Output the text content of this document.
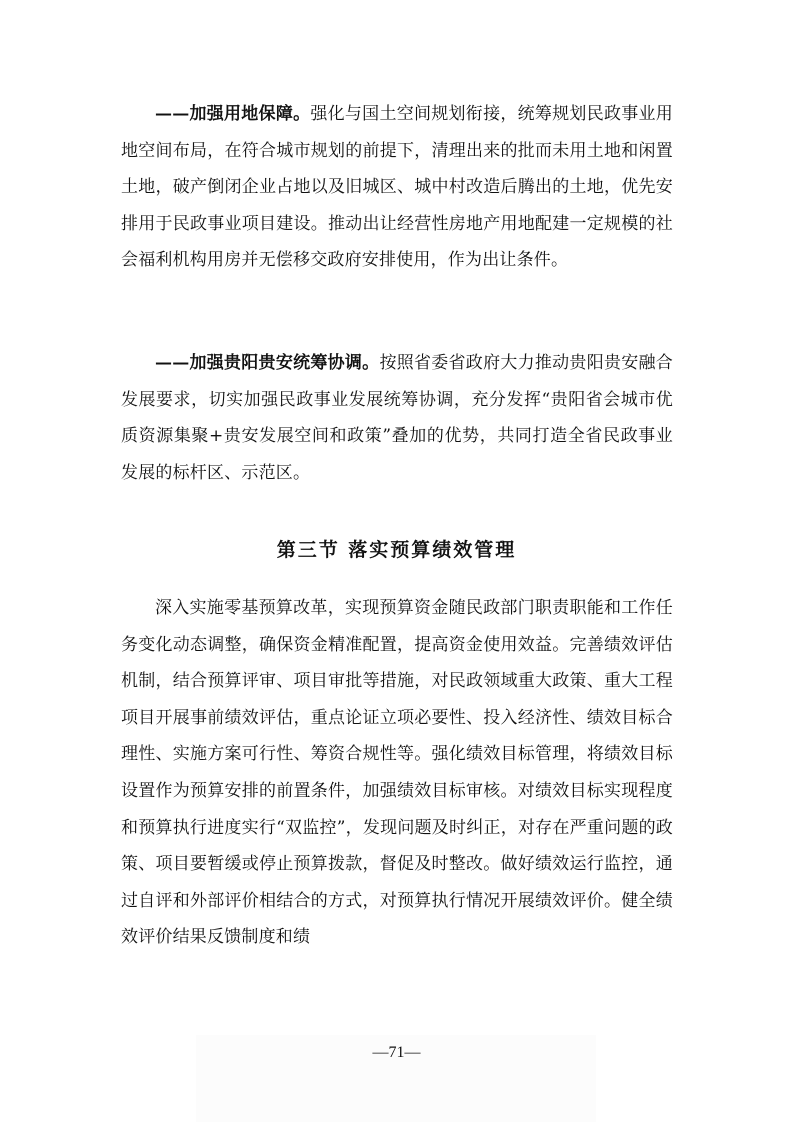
——加强用地保障。强化与国土空间规划衔接，统筹规划民政事业用地空间布局，在符合城市规划的前提下，清理出来的批而未用土地和闲置土地，破产倒闭企业占地以及旧城区、城中村改造后腾出的土地，优先安排用于民政事业项目建设。推动出让经营性房地产用地配建一定规模的社会福利机构用房并无偿移交政府安排使用，作为出让条件。

——加强贵阳贵安统筹协调。按照省委省政府大力推动贵阳贵安融合发展要求，切实加强民政事业发展统筹协调，充分发挥“贵阳省会城市优质资源集聚+贵安发展空间和政策”叠加的优势，共同打造全省民政事业发展的标杆区、示范区。

第三节 落实预算绩效管理

深入实施零基预算改革，实现预算资金随民政部门职责职能和工作任务变化动态调整，确保资金精准配置，提高资金使用效益。完善绩效评估机制，结合预算评审、项目审批等措施，对民政领域重大政策、重大工程项目开展事前绩效评估，重点论证立项必要性、投入经济性、绩效目标合理性、实施方案可行性、筹资合规性等。强化绩效目标管理，将绩效目标设置作为预算安排的前置条件，加强绩效目标审核。对绩效目标实现程度和预算执行进度实行“双监控”，发现问题及时纠正，对存在严重问题的政策、项目要暂缓或停止预算拨款，督促及时整改。做好绩效运行监控，通过自评和外部评价相结合的方式，对预算执行情况开展绩效评价。健全绩效评价结果反馈制度和绩

—71—
